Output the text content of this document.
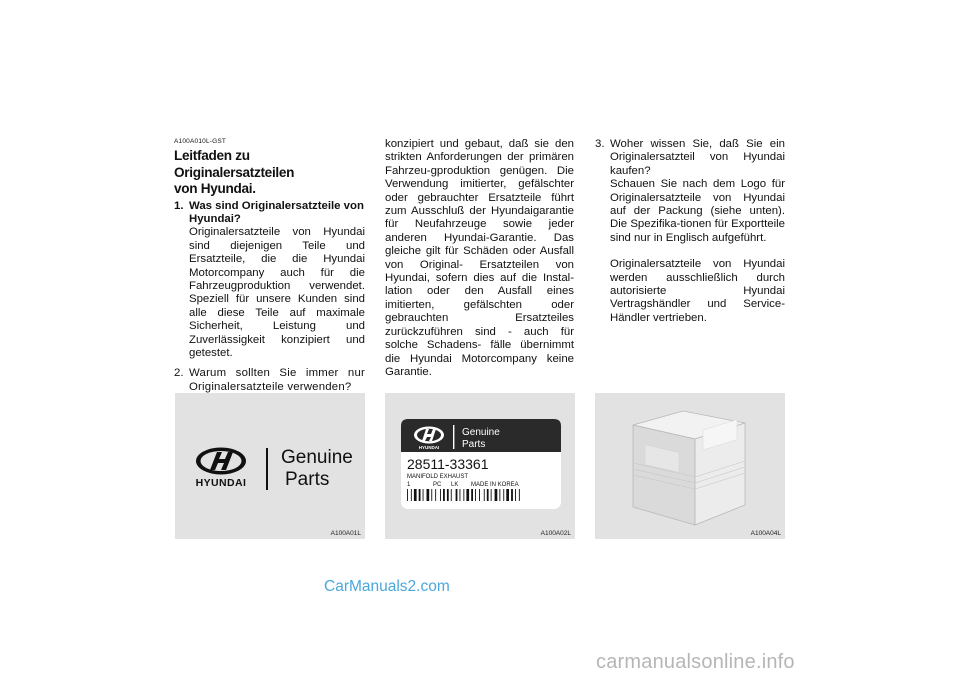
A100A010L-GST
Leitfaden zu Originalersatzteilen
von Hyundai.
1. Was sind Originalersatzteile von
Hyundai?

Originalersatzteile von Hyundai sind diejenigen Teile und Ersatzteile, die die Hyundai Motorcompany auch für die Fahrzeugproduktion verwendet. Speziell für unsere Kunden sind alle diese Teile auf maximale Sicherheit, Leistung und Zuverlässigkeit konzipiert und getestet.

2. Warum sollten Sie immer nur Originalersatzteile verwenden?

konzipiert und gebaut, daß sie den strikten Anforderungen der primären Fahrzeu-gproduktion genügen. Die Verwendung imitierter, gefälschter oder gebrauchter Ersatzteile führt zum Ausschluß der Hyundaigarantie für Neufahrzeuge sowie jeder anderen Hyundai-Garantie. Das gleiche gilt für Schäden oder Ausfall von Original- Ersatzteilen von Hyundai, sofern dies auf die Instal-lation oder den Ausfall eines imitierten, gefälschten oder gebrauchten Ersatzteiles zurückzuführen sind - auch für solche Schadens- fälle übernimmt die Hyundai Motorcompany keine Garantie.

3. Woher wissen Sie, daß Sie ein Originalersatzteil von Hyundai kaufen?

Schauen Sie nach dem Logo für Originalersatzteile von Hyundai auf der Packung (siehe unten). Die Spezifika-tionen für Exportteile sind nur in Englisch aufgeführt.

Originalersatzteile von Hyundai werden ausschließlich durch autorisierte Hyundai Vertragshändler und Service-Händler vertrieben.

HYUNDAI
Genuine
Parts
A100A01L
HYUNDAI
Genuine
Parts
28511-33361
MANIFOLD EXHAUST
1	PC LK MADE IN KOREA
A100A02L	A100A04L
CarManuals2.com
carmanualsonline.info
